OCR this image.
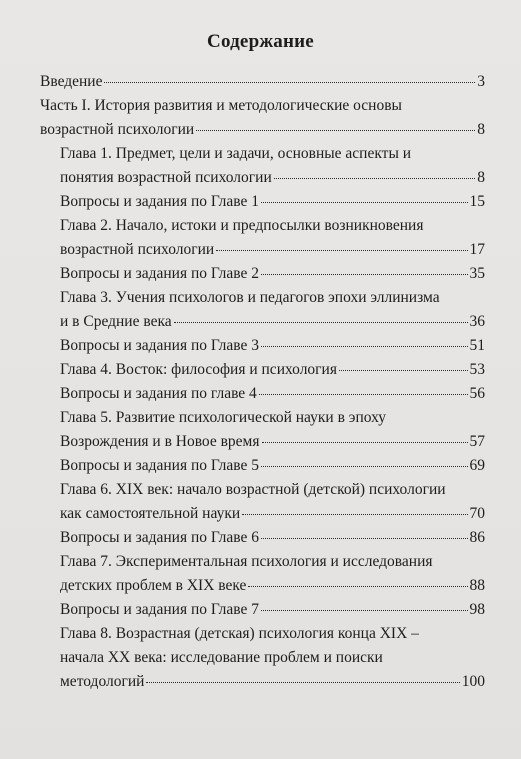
Содержание
Введение	3
Часть I. История развития и методологические основы
возрастной психологии	8
Глава 1. Предмет, цели и задачи, основные аспекты и
понятия возрастной психологии	8
Вопросы и задания по Главе 1	15
Глава 2. Начало, истоки и предпосылки возникновения
возрастной психологии	17
Вопросы и задания по Главе 2	35
Глава 3. Учения психологов и педагогов эпохи эллинизма
и в Средние века	36
Вопросы и задания по Главе 3	51
Глава 4. Восток: философия и психология	53
Вопросы и задания по главе 4	56
Глава 5. Развитие психологической науки в эпоху
Возрождения и в Новое время	57
Вопросы и задания по Главе 5	69
Глава 6. XIX век: начало возрастной (детской) психологии
как самостоятельной науки	70
Вопросы и задания по Главе 6	86
Глава 7. Экспериментальная психология и исследования
детских проблем в XIX веке	88
Вопросы и задания по Главе 7	98
Глава 8. Возрастная (детская) психология конца XIX –
начала XX века: исследование проблем и поиски
методологий	100
